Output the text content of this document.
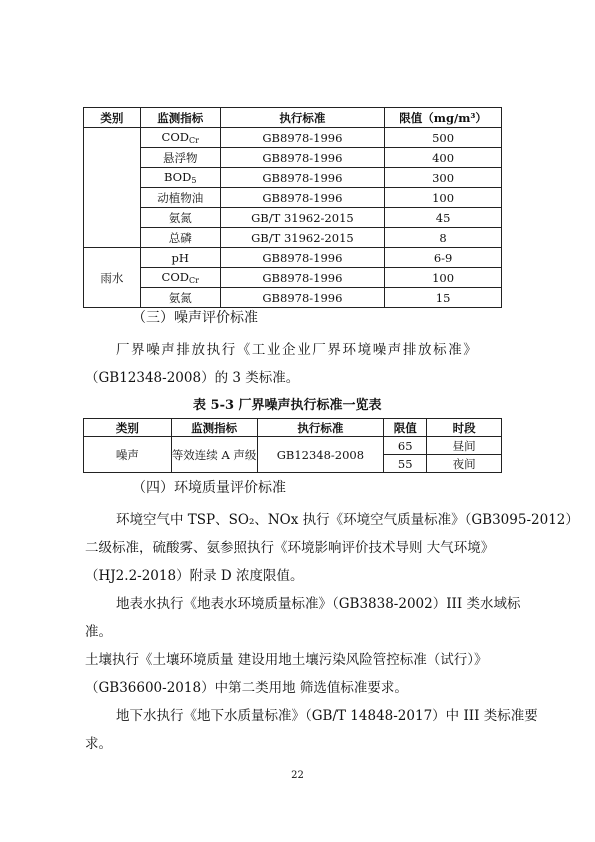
类别	监测指标	执行标准	限值（mg/m³）
	$COD_{Cr}$	GB8978-1996	500
	悬浮物	GB8978-1996	400
	$BOD_5$	GB8978-1996	300
	动植物油	GB8978-1996	100
	氨氮	GB/T 31962-2015	45
	总磷	GB/T 31962-2015	8
雨水	pH	GB8978-1996	6-9
	$COD_{Cr}$	GB8978-1996	100
	氨氮	GB8978-1996	15
（三）噪声评价标准
厂界噪声排放执行《工业企业厂界环境噪声排放标准》
（GB12348-2008）的 3 类标准。
表 5-3 厂界噪声执行标准一览表
类别	监测指标	执行标准	限值	时段
噪声	等效连续 A 声级	GB12348-2008	65	昼间
			55	夜间
（四）环境质量评价标准
环境空气中 TSP、SO₂、NOx 执行《环境空气质量标准》（GB3095-2012）
二级标准，硫酸雾、氨参照执行《环境影响评价技术导则 大气环境》
（HJ2.2-2018）附录 D 浓度限值。
地表水执行《地表水环境质量标准》（GB3838-2002）III 类水域标
准。
土壤执行《土壤环境质量 建设用地土壤污染风险管控标准（试行）》
（GB36600-2018）中第二类用地 筛选值标准要求。
地下水执行《地下水质量标准》（GB/T 14848-2017）中 III 类标准要
求。
22
